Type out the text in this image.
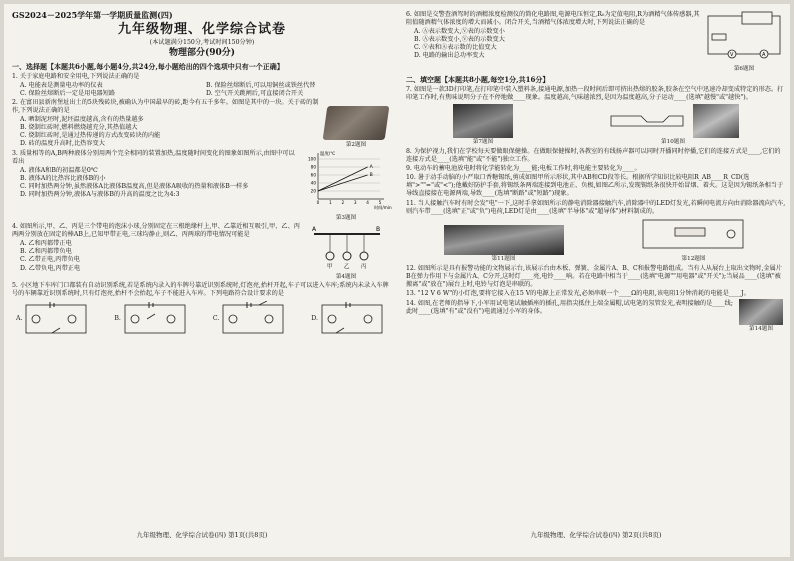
GS2024－2025学年第一学期质量监测(四)
九年级物理、化学综合试卷
(本试题满分150分,考试时间150分钟)
物理部分(90分)
一、选择题【本题共6小题,每小题4分,共24分,每小题给出的四个选项中只有一个正确】
1. 关于家庭电路和安全用电,下列说法正确的是
A. 电能表是测量电功率的仪表	B. 保险丝熔断后,可以用铜丝或铁丝代替
C. 保险丝熔断后一定是用电器短路	D. 空气开关跳闸后,可直接闭合开关
2. 在富田县新南堡址出土的5块残砖块,被确认为中国最早的砖,距今有五千多年。如图是其中的一块。关于砖的制作,下列说法正确的是
A. 晒制泥坯时,泥坯温度越高,含有的热量越多
B. 烧制红砖时,燃料燃烧越充分,其热值越大
C. 烧制红砖时,是通过热传递的方式改变砖块的内能
D. 砖的温度升高时,比热容变大	第2题图
3. 质量相等的A,B两种液体分别用两个完全相同的装置加热,温度随时间变化的图象如图所示,由图中可以看出
A. 液体A和B的初温都是0℃
B. 液体A的比热容比液体B的小
C. 同时加热两分钟,虽然液体A比液体B温度高,但是液体A吸收的热量和液体B一样多
D. 同时加热两分钟,液体A与液体B的升高的温度之比为4:3
20
40
60
80
100
0 1 2 3 4 5
温度/℃
时间/min
A
B
第3题图
4. 如图所示,甲、乙、丙是三个带电的泡沫小球,分别固定在三根绝缘杆上,甲、乙靠近相互吸引,甲、乙、丙两两分别放在固定的棒AB上,已知甲带正电,三球均静止,则乙、丙两球的带电情况可能是
A. 乙和丙都带正电
B. 乙和丙都带负电
C. 乙带正电,丙带负电
D. 乙带负电,丙带正电
A	B
甲 乙 丙
第4题图
5. 小区地下车库门口都装有自动识别系统,若是系统内录入的车牌号靠近识别系统时,灯泡亮,抬杆开起,车子可以进入车库;系统内未录入车牌号的车辆靠近识别系统时,只有灯泡亮,抬杆不会抬起,车子不能进入车库。下列电路符合设计要求的是
A.	B.	C.	D.
6. 如图是交警查酒驾时的酒精浓度检测仪的简化电路图,电源电压恒定,R₀为定值电阻,R为酒精气体传感器,其阻值随酒精气体浓度的增大而减小。闭合开关,当酒精气体浓度增大时,下列说法正确的是
A. Ⓐ表示数变大,Ⓥ表的示数变小
B. Ⓐ表示数变小,Ⓥ表的示数变大
C. Ⓥ表和Ⓐ表示数的比值变大
D. 电路的输出总功率变大	V	A
第6题图
二、填空题【本题共8小题,每空1分,共16分】
7. 如图是一款3D打印笔,在打印笔中装入塑料条,接通电源,加热一段时间后即可挤出热熔的胶条,胶条在空气中迅速冷却变成特定的形态。打印笔工作时,有焦味说明分子在不停地做____现象。温度越高,气味越浓烈,是因为温度越高,分子运动____(选填"越慢"或"越快")。
第7题图	第10题图
8. 为保护视力,我们在学校每天要做眼保健操。在做眼保健操时,各教室的有线扬声器可以同时开播同时停播,它们的连接方式是____,它们的连接方式是____(选填"能"或"不能")独立工作。
9. 电动车的蓄电池放电时将化学能转化为____能;电板工作时,将电能主要转化为____。
10. 暑于动手动脑的小严取口香糖锡纸,剪成如图甲所示形状,其中AB和CD段等长。根据所学知识比较电阻R_AB____R_CD(选填">""="或"<");他戴好防护手套,将锡纸条两端连接到电池正、负极,如图乙所示,发现锡纸条很快开始冒烟、着火。这是因为锡纸条相当于导线直接接在电源两端,导致____(选填"断路"或"短路")现象。
11. 当人接触汽车时有时会发"电"一下,这时手拿如图所示的静电消除器接触汽车,消除器中的LED灯发光,若瞬间电流方向由消除器流向汽车,则汽车带____(选填"正"或"负")电荷,LED灯是由____(选填"半导体"或"超导体")材料制成的。
第11题图	第12题图
12. 如图所示是具有报警功能的文物展示台,该展示台由木板、弹簧、金属片A、B、C和报警电路组成。当有人从展台上取出文物时,金属片B在弹力作用下与金属片A、C分开,这时灯____亮,电铃____响。若在电路中相当于____(选填"电源""用电器"或"开关");当展品____(选填"被搬离"或"放在")展台上时,电铃与灯泡是串联的。
13. "12 V 6 W"的小灯泡,要将它接入在15 V的电源上正常发光,必须串联一个____Ω的电阻,该电阻1分钟消耗的电能是____J。
14. 如图,在老师的指导下,小军用试电笔试触插座的插孔,用指尖抵住上端金属帽,试电笔的氖管发光,表明接触的是____线;此时____(选填"有"或"没有")电流通过小军的身体。
第14题图
九年级物理、化学综合试卷(四) 第1页(共8页)	九年级物理、化学综合试卷(四) 第2页(共8页)
